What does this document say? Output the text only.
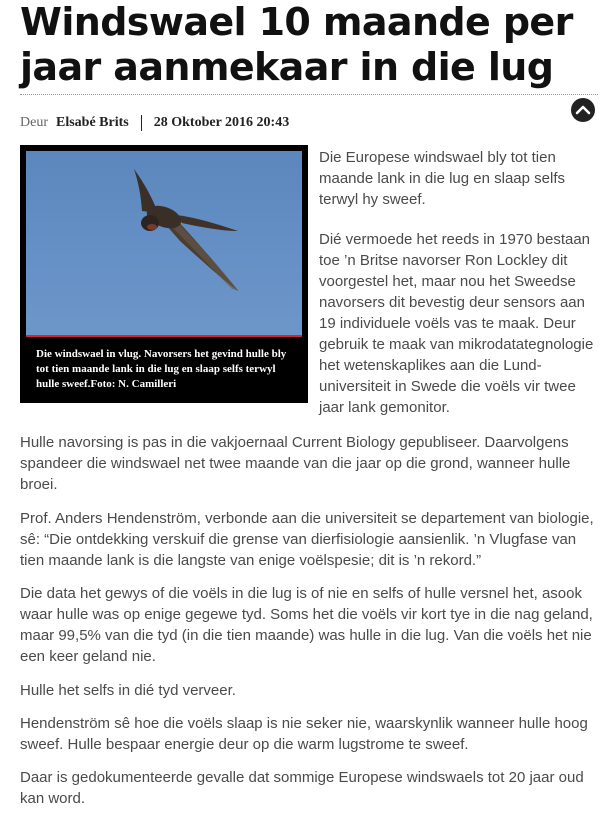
Windswael 10 maande per jaar aanmekaar in die lug
Deur Elsabé Brits 28 Oktober 2016 20:43

Die windswael in vlug. Navorsers het gevind hulle bly tot tien maande lank in die lug en slaap selfs terwyl hulle sweef.Foto: N. Camilleri

Die Europese windswael bly tot tien maande lank in die lug en slaap selfs terwyl hy sweef.

Dié vermoede het reeds in 1970 bestaan toe ’n Britse navorser Ron Lockley dit voorgestel het, maar nou het Sweedse navorsers dit bevestig deur sensors aan 19 individuele voëls vas te maak. Deur gebruik te maak van mikrodatategnologie het wetenskaplikes aan die Lund-universiteit in Swede die voëls vir twee jaar lank gemonitor.

Hulle navorsing is pas in die vakjoernaal Current Biology gepubliseer. Daarvolgens spandeer die windswael net twee maande van die jaar op die grond, wanneer hulle broei.

Prof. Anders Hendenström, verbonde aan die universiteit se departement van biologie, sê: “Die ontdekking verskuif die grense van dierfisiologie aansienlik. ’n Vlugfase van tien maande lank is die langste van enige voëlspesie; dit is ’n rekord.”

Die data het gewys of die voëls in die lug is of nie en selfs of hulle versnel het, asook waar hulle was op enige gegewe tyd. Soms het die voëls vir kort tye in die nag geland, maar 99,5% van die tyd (in die tien maande) was hulle in die lug. Van die voëls het nie een keer geland nie.

Hulle het selfs in dié tyd verveer.

Hendenström sê hoe die voëls slaap is nie seker nie, waarskynlik wanneer hulle hoog sweef. Hulle bespaar energie deur op die warm lugstrome te sweef.

Daar is gedokumenteerde gevalle dat sommige Europese windswaels tot 20 jaar oud kan word.
